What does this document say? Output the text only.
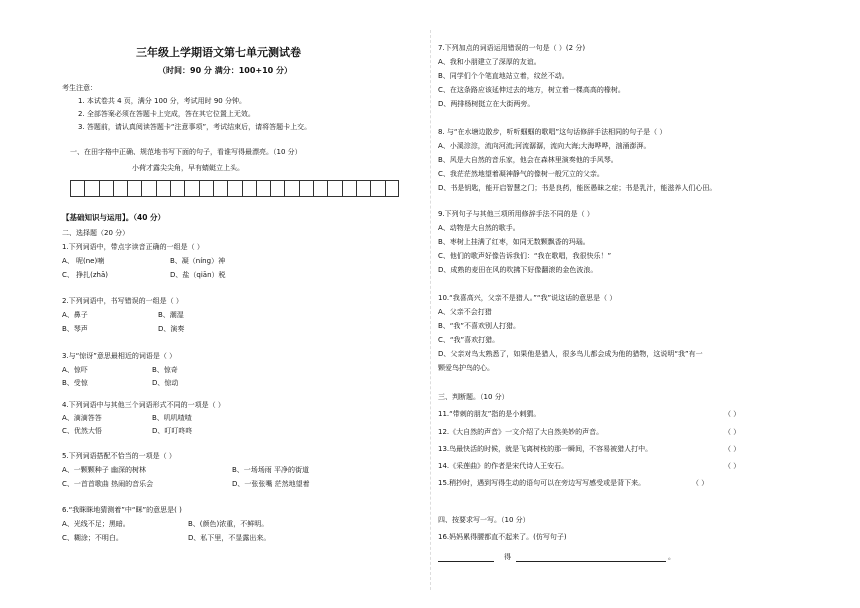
三年级上学期语文第七单元测试卷
（时间：90 分 满分：100+10 分）
考生注意：
1. 本试卷共 4 页，满分 100 分，考试用时 90 分钟。
2. 全部答案必须在答题卡上完成，答在其它位置上无效。
3. 答题前，请认真阅读答题卡“注意事项”，考试结束后，请将答题卡上交。
一、在田字格中正确、规范地书写下面的句子，看谁写得最漂亮。（10 分）
小荷才露尖尖角，早有蜻蜓立上头。
【基础知识与运用】。（40 分）
二、选择题（20 分）
1.下列词语中，带点字读音正确的一组是（ ）
A、 呢(ne)喃	B、凝（níng）神
C、 挣扎(zhā)	D、盐（qiān）税
2.下列词语中，书写错误的一组是（ ）
A、鼻子	B、潮湿
B、琴声	D、演奏
3.与“惊讶”意思最相近的词语是（ ）
A、惊吓	B、惊奇
B、受惊	D、惊动
4.下列词语中与其他三个词语形式不同的一项是（ ）
A、滴滴答答	B、叽叽喳喳
C、优然大悟	D、叮叮咚咚
5.下列词语搭配不恰当的一项是（ ）
A、一颗颗种子 幽深的树林	B、一场场雨 平净的街道
C、一首首歌曲 热闹的音乐会	D、一张张嘴 茫然地望着
6.“我眯眯地猜测着”中“眯”的意思是( )
A、光线不足；黑暗。	B、(颜色)浓重，不鲜明。
C、糊涂；不明白。	D、私下里，不显露出来。
7.下列加点的词语运用错误的一句是（ ）(2 分)
A、我和小朋建立了深厚的友谊。
B、同学们个个笔直地站立着，纹丝不动。
C、在这条路应该延伸过去的地方，树立着一棵高高的橡树。
D、两排杨树挺立在大街两旁。
8. 与“在水塘边散步，听听蝈蝈的歌唱”这句话修辞手法相同的句子是（ ）
A、小溪淙淙，流向河流;河流潺潺，流向大海;大海哗哗，汹涌澎湃。
B、风是大自然的音乐家，他会在森林里演奏他的手风琴。
C、我茫茫然地望着凝神静气的像树一般冗立的父亲。
D、书是钥匙，能开启智慧之门；书是良药，能医愚昧之症；书是乳汁，能滋养人们心田。
9.下列句子与其他三项所用修辞手法不同的是（ ）
A、动物是大自然的歌手。
B、枣树上挂满了红枣，如同无数颗飘香的玛瑙。
C、他们的歌声好像告诉我们：“我在歌唱，我很快乐！”
D、成熟的麦田在风的吹拂下好像翻滚的金色波浪。
10.“我喜高兴，父亲不是猎人。”“我”说这话的意思是（ ）
A、父亲不会打猎
B、“我”不喜欢别人打猎。
C、“我”喜欢打猎。
D、父亲对鸟太熟悉了，如果他是猎人，很多鸟儿都会成为他的猎物，这说明“我”有一
颗爱鸟护鸟的心。
三、判断题。（10 分）
11.“带刺的朋友”指的是小刺猬。	（ ）
12.《大自然的声音》一文介绍了大自然美妙的声音。	（ ）
13.鸟最快活的时候，就是飞离树枝的那一瞬间，不容易被猎人打中。	（ ）
14.《采莲曲》的作者是宋代诗人王安石。	（ ）
15.稍抄时，遇到写得生动的语句可以在旁边写写感受或是背下来。	（ ）
四、按要求写一写。（10 分）
16.妈妈累得腰都直不起来了。(仿写句子)
得	。
